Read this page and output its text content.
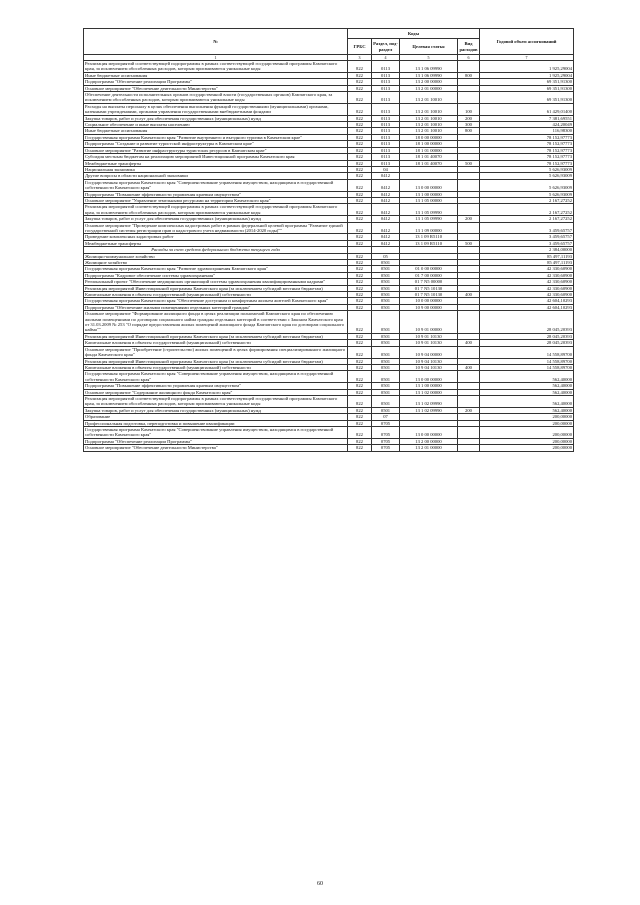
№	Коды				Годовой объем ассигнований
	ГРБС	Раздел, под-раздел	Целевая статья	Вид расходов	
1	3	4	5	6	7
Реализация мероприятий соответствующей подпрограммы в рамках соответствующей государственной программы Камчатского края, за исключением обособленных расходов, которым присваиваются уникальные коды	822	0113	13 1 06 09990		1 925,29004
Иные бюджетные ассигнования	822	0113	13 1 06 09990	800	1 925,29004
Подпрограмма "Обеспечение реализации Программы"	822	0113	13 2 00 00000		69 351,91300
Основное мероприятие "Обеспечение деятельности Министерства"	822	0113	13 2 01 00000		69 351,91300
Обеспечение деятельности исполнительных органов государственной власти (государственных органов) Камчатского края, за исключением обособленных расходов, которым присваиваются уникальные коды	822	0113	13 2 01 10010		69 351,91300
Расходы на выплаты персоналу в целях обеспечения выполнения функций государственными (муниципальными) органами, казенными учреждениями, органами управления государственными внебюджетными фондами	822	0113	13 2 01 10010	100	61 429,01400
Закупка товаров, работ и услуг для обеспечения государственных (муниципальных) нужд	822	0113	13 2 01 10010	200	7 381,69551
Социальное обеспечение и иные выплаты населению	822	0113	13 2 01 10010	300	424,20049
Иные бюджетные ассигнования	822	0113	13 2 01 10010	800	116,98300
Государственная программа Камчатского края "Развитие внутреннего и въездного туризма в Камчатском крае"	822	0113	18 0 00 00000		78 152,97773
Подпрограмма "Создание и развитие туристской инфраструктуры в Камчатском крае"	822	0113	18 1 00 00000		78 152,97773
Основное мероприятие "Развитие инфраструктуры туристских ресурсов в Камчатском крае"	822	0113	18 1 01 00000		78 152,97773
Субсидия местным бюджетам на реализацию мероприятий Инвестиционной программы Камчатского края	822	0113	18 1 01 40070		78 152,97773
Межбюджетные трансферты	822	0113	18 1 01 40070	500	78 152,97773
Национальная экономика	822	04			5 626,93009
Другие вопросы в области национальной экономики	822	0412			5 626,93009
Государственная программа Камчатского края "Совершенствование управления имуществом, находящимся в государственной собственности Камчатского края"	822	0412	13 0 00 00000		5 626,93009
Подпрограмма "Повышение эффективности управления краевым имуществом"	822	0412	13 1 00 00000		5 626,93009
Основное мероприятие "Управление земельными ресурсами на территории Камчатского края"	822	0412	13 1 05 00000		2 167,27252
Реализация мероприятий соответствующей подпрограммы в рамках соответствующей государственной программы Камчатского края, за исключением обособленных расходов, которым присваиваются уникальные коды	822	0412	13 1 05 09990		2 167,27252
Закупка товаров, работ и услуг для обеспечения государственных (муниципальных) нужд	822	0412	13 1 05 09990	200	2 167,27252
Основное мероприятие "Проведение комплексных кадастровых работ в рамках федеральной целевой программы "Развитие единой государственной системы регистрации прав и кадастрового учета недвижимости (2014-2020 годы)""	822	0412	13 1 09 00000		3 459,65757
Проведение комплексных кадастровых работ	822	0412	13 1 09 R5110		3 459,65757
Межбюджетные трансферты	822	0412	13 1 09 R5110	500	3 459,65757
Расходы за счет средств федерального бюджета текущего года					2 384,00000
Жилищно-коммунальное хозяйство	822	05			85 497,11193
Жилищное хозяйство	822	0501			85 497,11193
Государственная программа Камчатского края "Развитие здравоохранения Камчатского края"	822	0501	01 0 00 00000		42 330,60900
Подпрограмма "Кадровое обеспечение системы здравоохранения"	822	0501	01 7 00 00000		42 330,60900
Региональный проект "Обеспечение медицинских организаций системы здравоохранения квалифицированными кадрами"	822	0501	01 7 N5 00000		42 330,60900
Реализация мероприятий Инвестиционной программы Камчатского края (за исключением субсидий местным бюджетам)	822	0501	01 7 N5 10130		42 330,60900
Капитальные вложения в объекты государственной (муниципальной) собственности	822	0501	01 7 N5 10130	400	42 330,60900
Государственная программа Камчатского края "Обеспечение доступным и комфортным жильем жителей Камчатского края"	822	0501	10 0 00 00000		42 604,10293
Подпрограмма "Обеспечение жилыми помещениями отдельных категорий граждан"	822	0501	10 9 00 00000		42 604,10293
Основное мероприятие "Формирование жилищного фонда в целях реализации полномочий Камчатского края по обеспечению жилыми помещениями по договорам социального найма граждан отдельных категорий в соответствии с Законом Камчатского края от 31.03.2009 № 253 "О порядке предоставления жилых помещений жилищного фонда Камчатского края по договорам социального найма""	822	0501	10 9 01 00000		28 045,20393
Реализация мероприятий Инвестиционной программы Камчатского края (за исключением субсидий местным бюджетам)	822	0501	10 9 01 10130		28 045,20393
Капитальные вложения в объекты государственной (муниципальной) собственности	822	0501	10 9 01 10130	400	28 045,20393
Основное мероприятие "Приобретение (строительство) жилых помещений в целях формирования специализированного жилищного фонда Камчатского края"	822	0501	10 9 04 00000		14 558,89700
Реализация мероприятий Инвестиционной программы Камчатского края (за исключением субсидий местным бюджетам)	822	0501	10 9 04 10130		14 558,89700
Капитальные вложения в объекты государственной (муниципальной) собственности	822	0501	10 9 04 10130	400	14 558,89700
Государственная программа Камчатского края "Совершенствование управления имуществом, находящимся в государственной собственности Камчатского края"	822	0501	13 0 00 00000		562,40000
Подпрограмма "Повышение эффективности управления краевым имуществом"	822	0501	13 1 00 00000		562,40000
Основное мероприятие "Содержание жилищного фонда Камчатского края"	822	0501	13 1 02 00000		562,40000
Реализация мероприятий соответствующей подпрограммы в рамках соответствующей государственной программы Камчатского края, за исключением обособленных расходов, которым присваиваются уникальные коды	822	0501	13 1 02 09990		562,40000
Закупка товаров, работ и услуг для обеспечения государственных (муниципальных) нужд	822	0501	13 1 02 09990	200	562,40000
Образование	822	07			200,00000
Профессиональная подготовка, переподготовка и повышение квалификации	822	0705			200,00000
Государственная программа Камчатского края "Совершенствование управления имуществом, находящимся в государственной собственности Камчатского края"	822	0705	13 0 00 00000		200,00000
Подпрограмма "Обеспечение реализации Программы"	822	0705	13 2 00 00000		200,00000
Основное мероприятие "Обеспечение деятельности Министерства"	822	0705	13 2 01 00000		200,00000
60
